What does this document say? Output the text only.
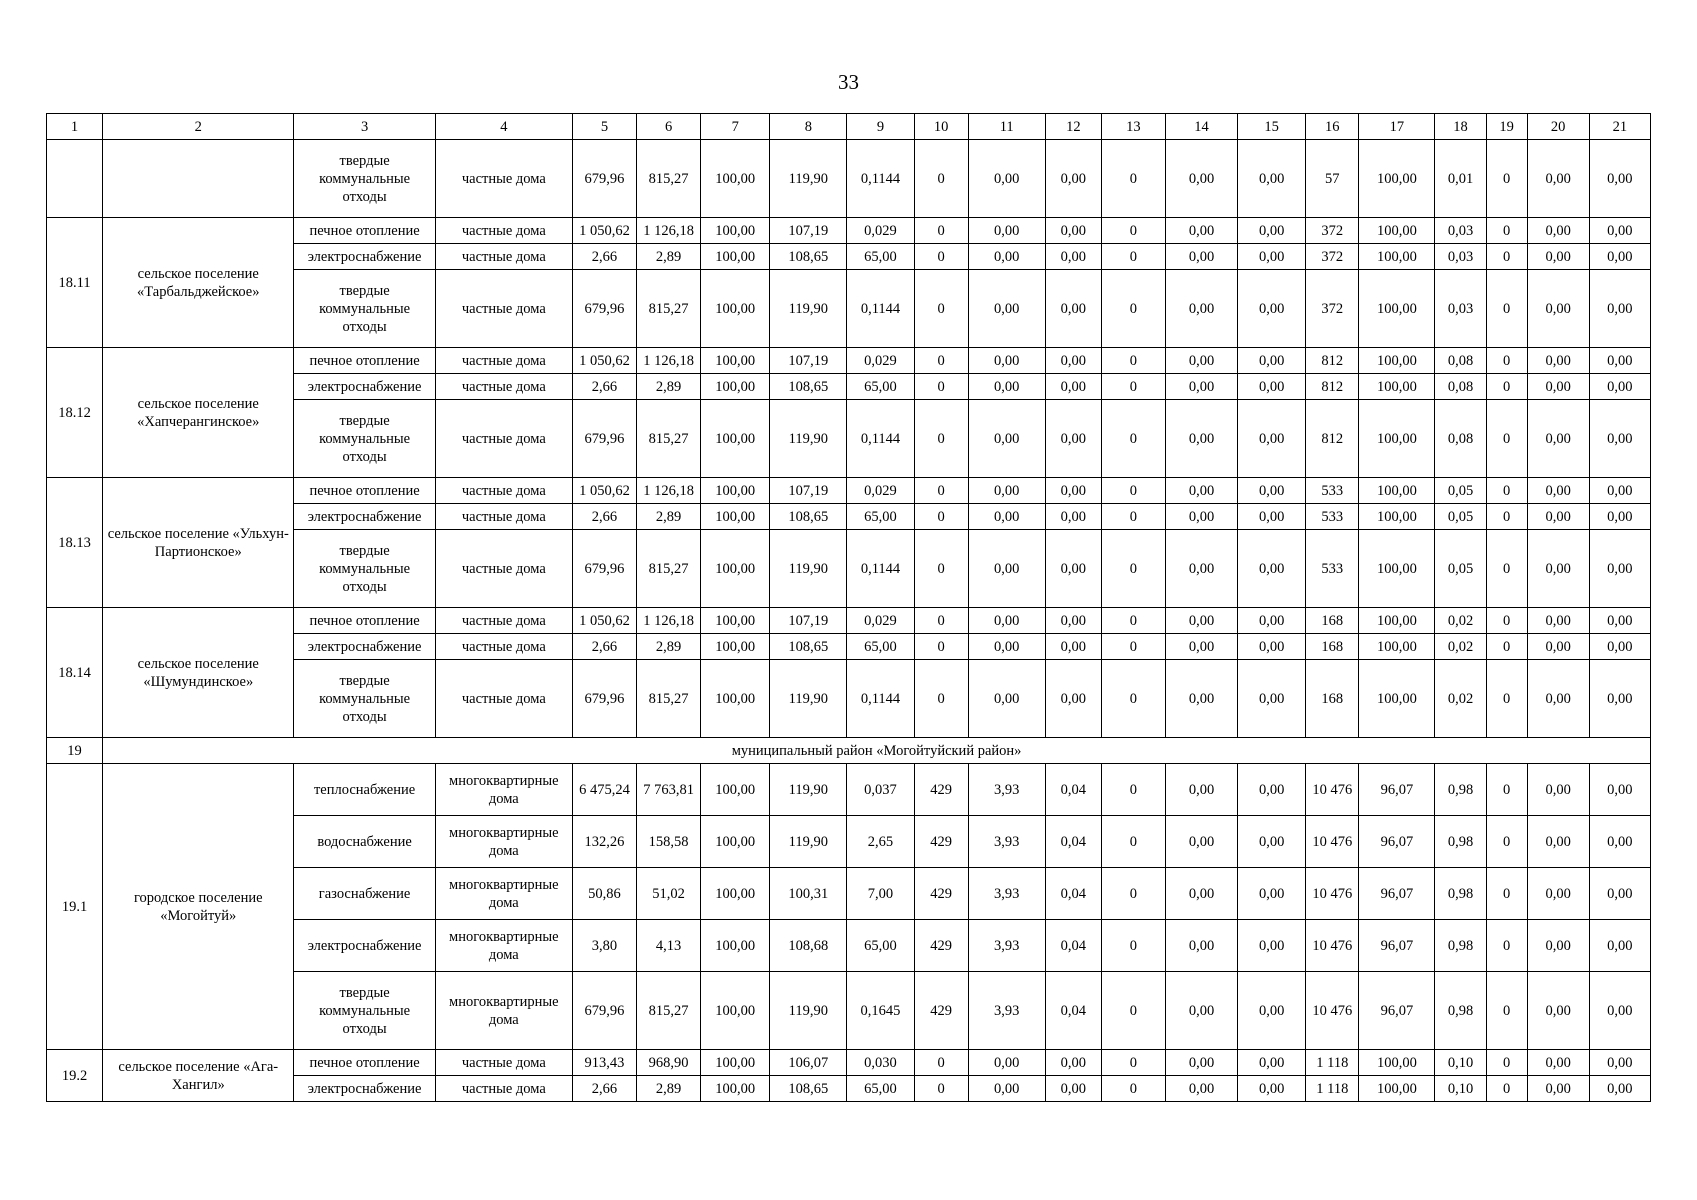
33
1	2	3	4	5	6	7	8	9	10	11	12	13	14	15	16	17	18	19	20	21
		твердые коммунальные отходы	частные дома	679,96	815,27	100,00	119,90	0,1144	0	0,00	0,00	0	0,00	0,00	57	100,00	0,01	0	0,00	0,00
18.11	сельское поселение «Тарбальджейское»	печное отопление	частные дома	1 050,62	1 126,18	100,00	107,19	0,029	0	0,00	0,00	0	0,00	0,00	372	100,00	0,03	0	0,00	0,00
		электроснабжение	частные дома	2,66	2,89	100,00	108,65	65,00	0	0,00	0,00	0	0,00	0,00	372	100,00	0,03	0	0,00	0,00
		твердые коммунальные отходы	частные дома	679,96	815,27	100,00	119,90	0,1144	0	0,00	0,00	0	0,00	0,00	372	100,00	0,03	0	0,00	0,00
18.12	сельское поселение «Хапчерангинское»	печное отопление	частные дома	1 050,62	1 126,18	100,00	107,19	0,029	0	0,00	0,00	0	0,00	0,00	812	100,00	0,08	0	0,00	0,00
		электроснабжение	частные дома	2,66	2,89	100,00	108,65	65,00	0	0,00	0,00	0	0,00	0,00	812	100,00	0,08	0	0,00	0,00
		твердые коммунальные отходы	частные дома	679,96	815,27	100,00	119,90	0,1144	0	0,00	0,00	0	0,00	0,00	812	100,00	0,08	0	0,00	0,00
18.13	сельское поселение «Ульхун-Партионское»	печное отопление	частные дома	1 050,62	1 126,18	100,00	107,19	0,029	0	0,00	0,00	0	0,00	0,00	533	100,00	0,05	0	0,00	0,00
		электроснабжение	частные дома	2,66	2,89	100,00	108,65	65,00	0	0,00	0,00	0	0,00	0,00	533	100,00	0,05	0	0,00	0,00
		твердые коммунальные отходы	частные дома	679,96	815,27	100,00	119,90	0,1144	0	0,00	0,00	0	0,00	0,00	533	100,00	0,05	0	0,00	0,00
18.14	сельское поселение «Шумундинское»	печное отопление	частные дома	1 050,62	1 126,18	100,00	107,19	0,029	0	0,00	0,00	0	0,00	0,00	168	100,00	0,02	0	0,00	0,00
		электроснабжение	частные дома	2,66	2,89	100,00	108,65	65,00	0	0,00	0,00	0	0,00	0,00	168	100,00	0,02	0	0,00	0,00
		твердые коммунальные отходы	частные дома	679,96	815,27	100,00	119,90	0,1144	0	0,00	0,00	0	0,00	0,00	168	100,00	0,02	0	0,00	0,00
19	муниципальный район «Могойтуйский район»																			
19.1	городское поселение «Могойтуй»	теплоснабжение	многоквартирные дома	6 475,24	7 763,81	100,00	119,90	0,037	429	3,93	0,04	0	0,00	0,00	10 476	96,07	0,98	0	0,00	0,00
		водоснабжение	многоквартирные дома	132,26	158,58	100,00	119,90	2,65	429	3,93	0,04	0	0,00	0,00	10 476	96,07	0,98	0	0,00	0,00
		газоснабжение	многоквартирные дома	50,86	51,02	100,00	100,31	7,00	429	3,93	0,04	0	0,00	0,00	10 476	96,07	0,98	0	0,00	0,00
		электроснабжение	многоквартирные дома	3,80	4,13	100,00	108,68	65,00	429	3,93	0,04	0	0,00	0,00	10 476	96,07	0,98	0	0,00	0,00
		твердые коммунальные отходы	многоквартирные дома	679,96	815,27	100,00	119,90	0,1645	429	3,93	0,04	0	0,00	0,00	10 476	96,07	0,98	0	0,00	0,00
19.2	сельское поселение «Ага-Хангил»	печное отопление	частные дома	913,43	968,90	100,00	106,07	0,030	0	0,00	0,00	0	0,00	0,00	1 118	100,00	0,10	0	0,00	0,00
		электроснабжение	частные дома	2,66	2,89	100,00	108,65	65,00	0	0,00	0,00	0	0,00	0,00	1 118	100,00	0,10	0	0,00	0,00
